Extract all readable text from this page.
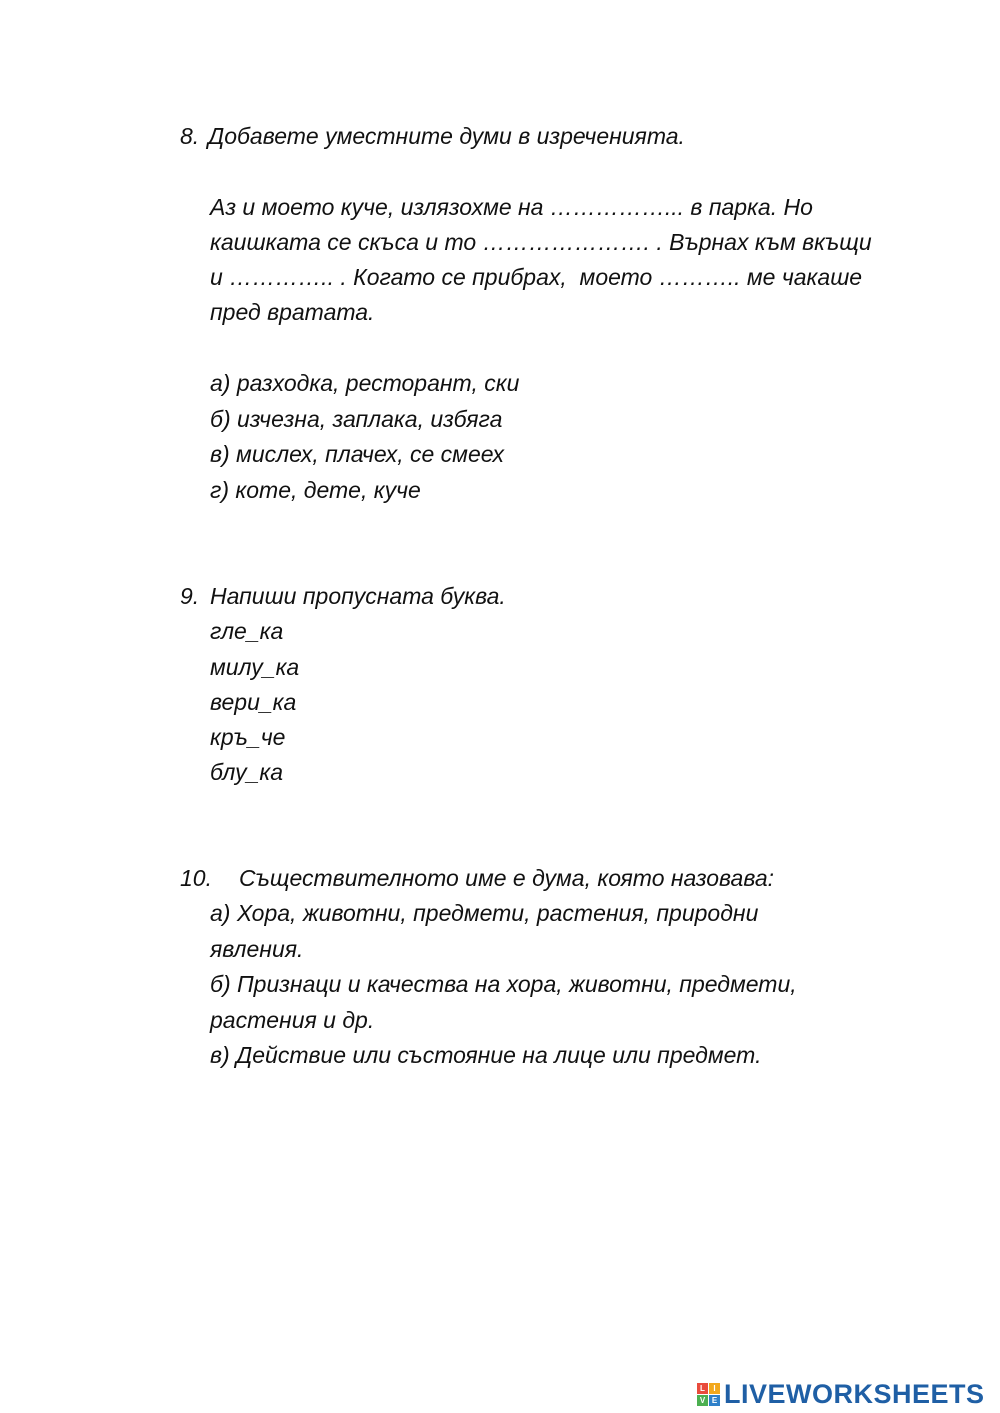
8. Добавете уместните думи в изреченията.

Аз и моето куче, излязохме на ……………... в парка. Но

каишката се скъса и то …………………. . Върнах към вкъщи

и ………….. . Когато се прибрах,  моето ……….. ме чакаше

пред вратата.

а) разходка, ресторант, ски

б) изчезна, заплака, избяга

в) мислех, плачех, се смеех

г) коте, дете, куче

9. Напиши пропусната буква.

гле_ка

милу_ка

вери_ка

кръ_че

блу_ка

10. Съществителното име е дума, която назовава:

а) Хора, животни, предмети, растения, природни

явления.

б) Признаци и качества на хора, животни, предмети,

растения и др.

в) Действие или състояние на лице или предмет.

L	I
V E LIVEWORKSHEETS
